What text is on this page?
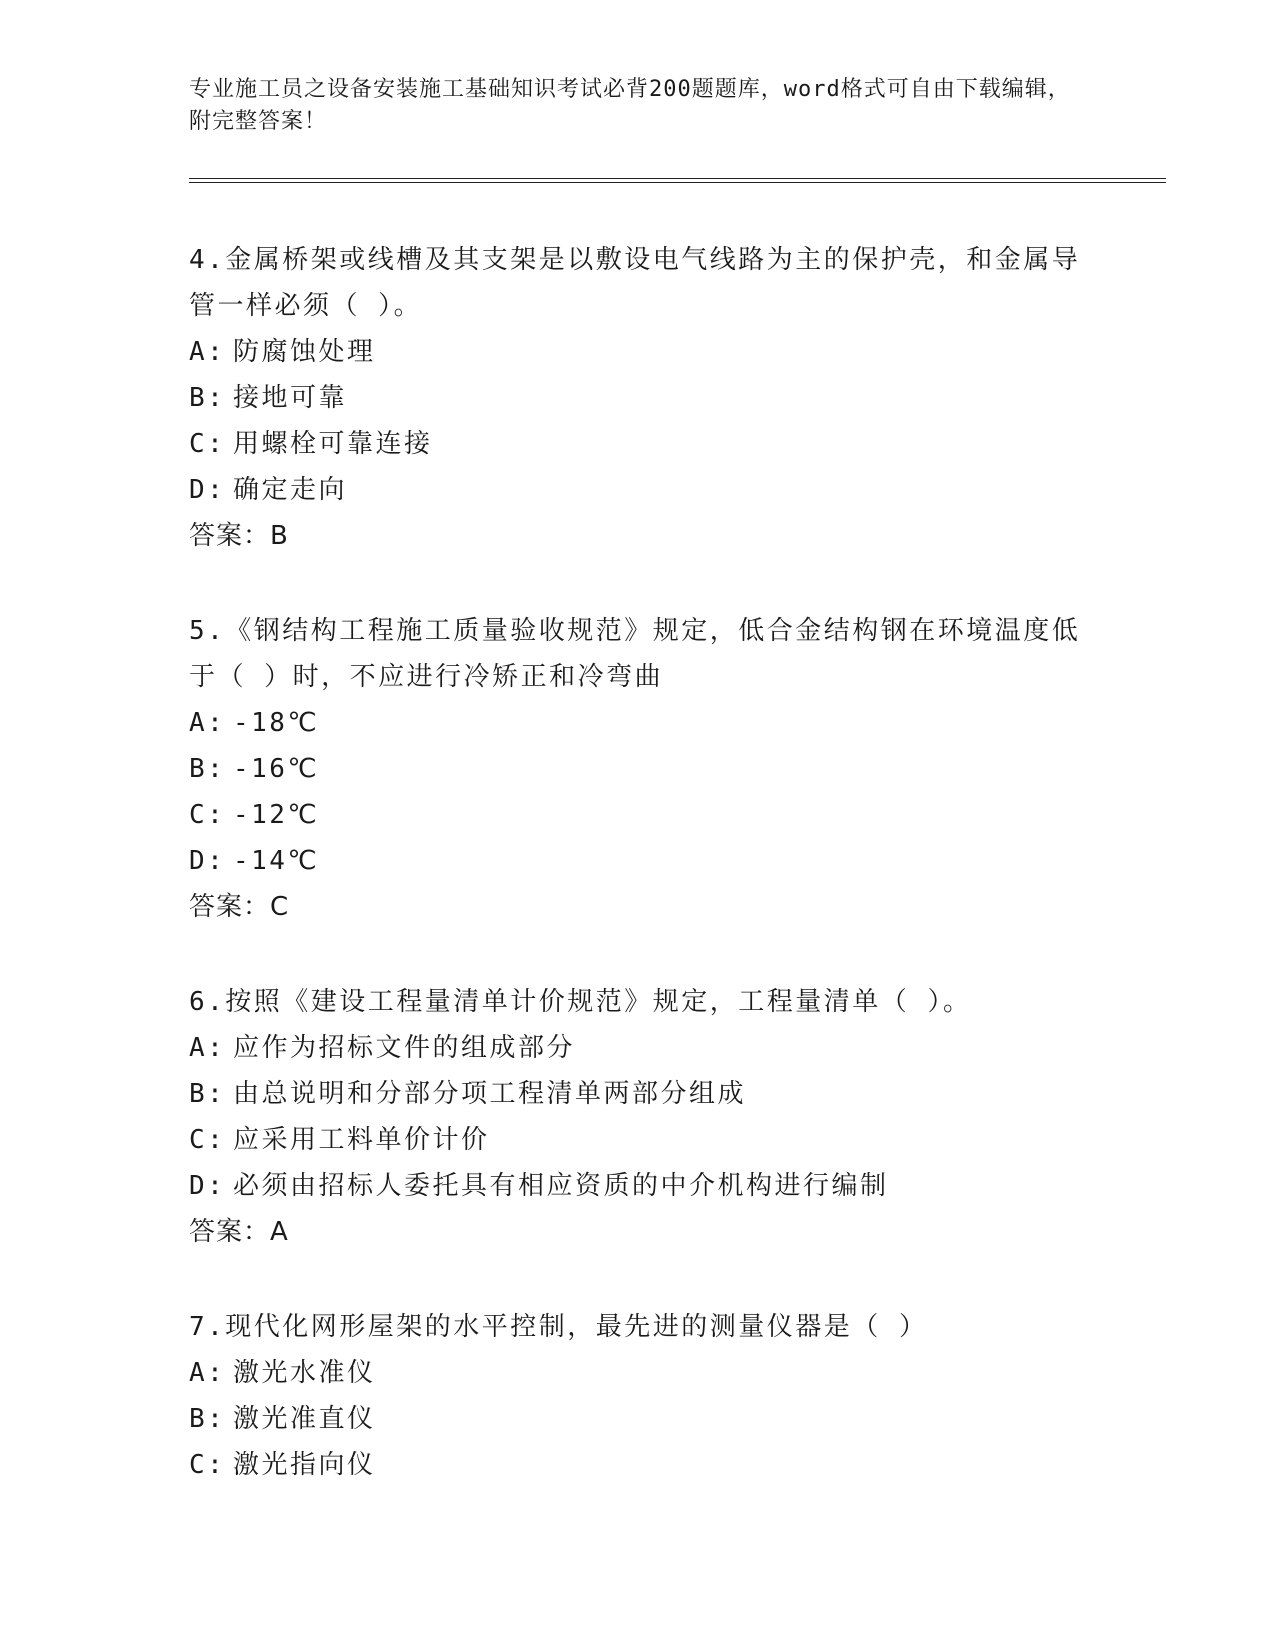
专业施工员之设备安装施工基础知识考试必背200题题库，word格式可自由下载编辑，附完整答案！
4.金属桥架或线槽及其支架是以敷设电气线路为主的保护壳，和金属导管一样必须（ ）。
A: 防腐蚀处理
B: 接地可靠
C: 用螺栓可靠连接
D: 确定走向
答案：B
5.《钢结构工程施工质量验收规范》规定，低合金结构钢在环境温度低于（ ）时，不应进行冷矫正和冷弯曲
A: -18℃
B: -16℃
C: -12℃
D: -14℃
答案：C
6.按照《建设工程量清单计价规范》规定，工程量清单（ ）。
A: 应作为招标文件的组成部分
B: 由总说明和分部分项工程清单两部分组成
C: 应采用工料单价计价
D: 必须由招标人委托具有相应资质的中介机构进行编制
答案：A
7.现代化网形屋架的水平控制，最先进的测量仪器是（ ）
A: 激光水准仪
B: 激光准直仪
C: 激光指向仪
